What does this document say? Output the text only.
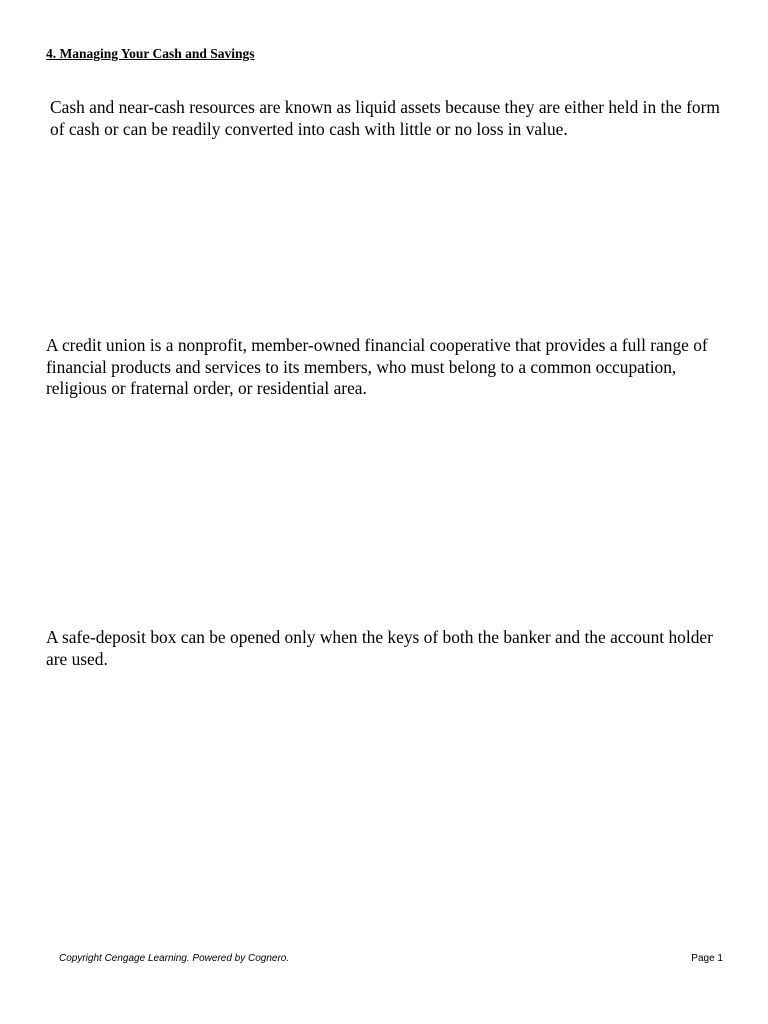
4. Managing Your Cash and Savings
Cash and near-cash resources are known as liquid assets because they are either held in the form of cash or can be readily converted into cash with little or no loss in value.
A credit union is a nonprofit, member-owned financial cooperative that provides a full range of financial products and services to its members, who must belong to a common occupation, religious or fraternal order, or residential area.
A safe-deposit box can be opened only when the keys of both the banker and the account holder are used.
Copyright Cengage Learning. Powered by Cognero.	Page 1
